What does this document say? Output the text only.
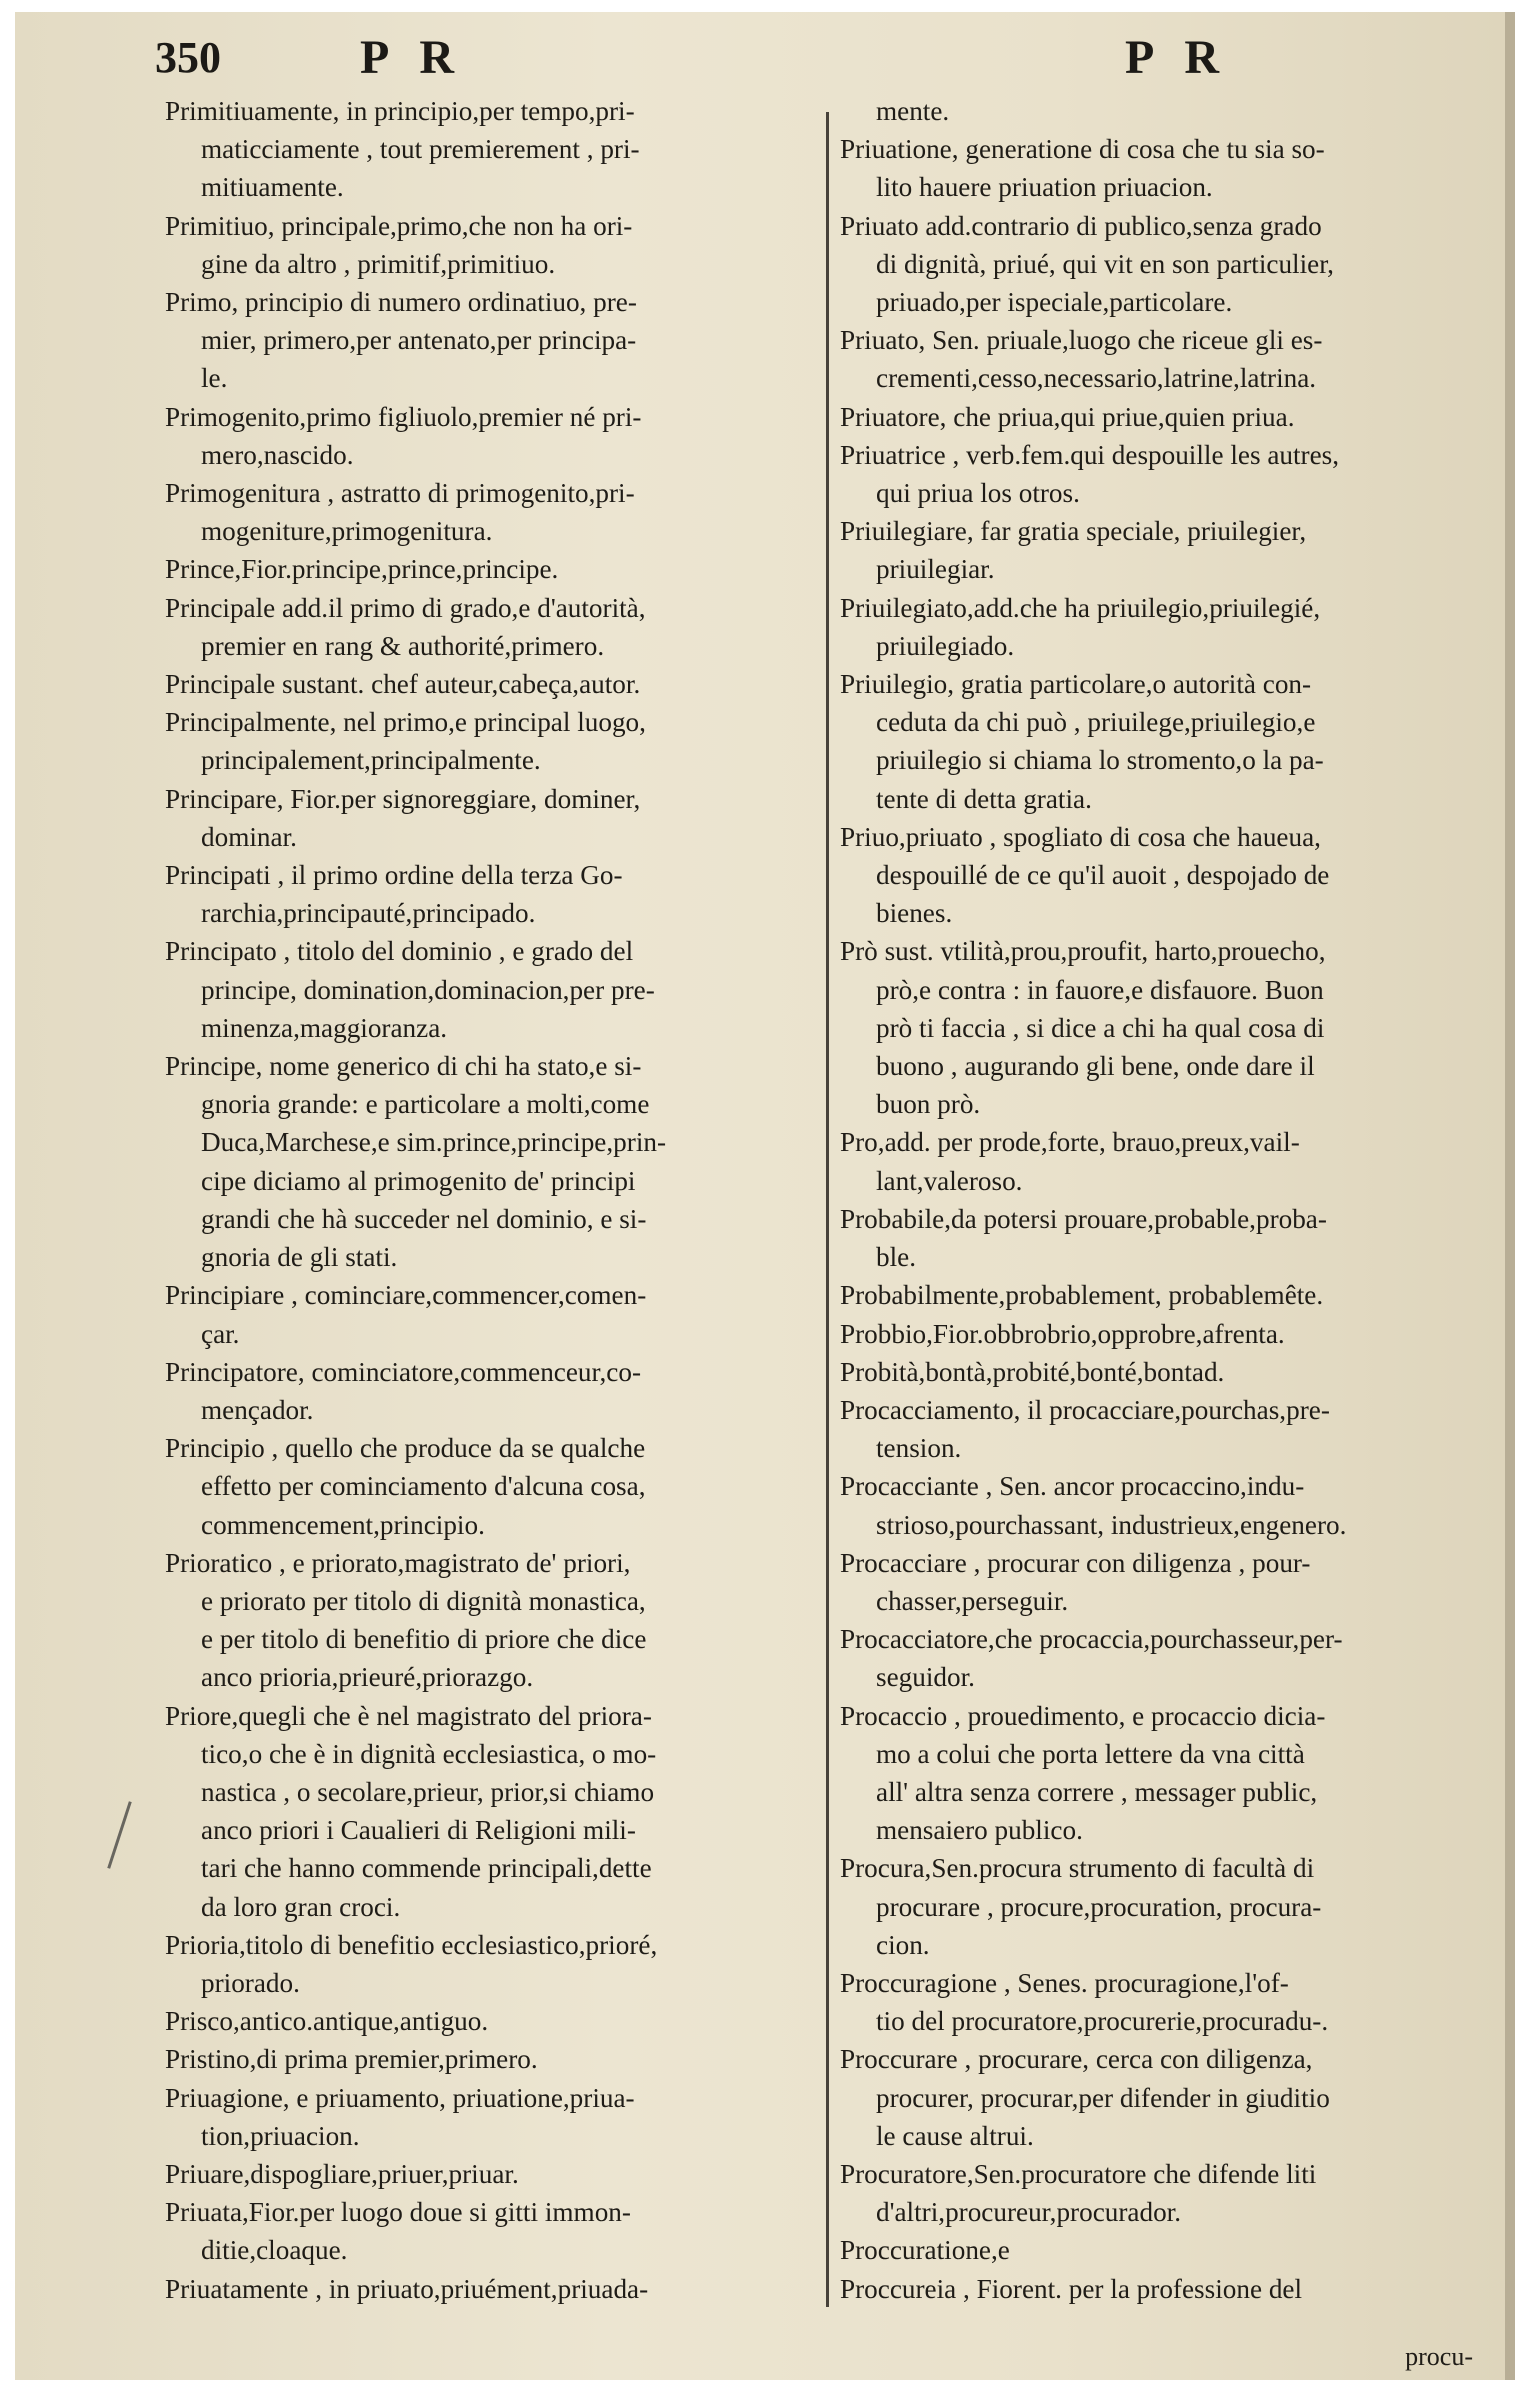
350	PR	PR

Primitiuamente, in principio,per tempo,pri-
maticciamente , tout premierement , pri-
mitiuamente.

Primitiuo, principale,primo,che non ha ori-
gine da altro , primitif,primitiuo.

Primo, principio di numero ordinatiuo, pre-
mier, primero,per antenato,per principa-
le.

Primogenito,primo figliuolo,premier né pri-
mero,nascido.

Primogenitura , astratto di primogenito,pri-
mogeniture,primogenitura.

Prince,Fior.principe,prince,principe.

Principale add.il primo di grado,e d'autorità,
premier en rang & authorité,primero.

Principale sustant. chef auteur,cabeça,autor.

Principalmente, nel primo,e principal luogo,
principalement,principalmente.

Principare, Fior.per signoreggiare, dominer,
dominar.

Principati , il primo ordine della terza Go-
rarchia,principauté,principado.

Principato , titolo del dominio , e grado del
principe, domination,dominacion,per pre-
minenza,maggioranza.

Principe, nome generico di chi ha stato,e si-
gnoria grande: e particolare a molti,come
Duca,Marchese,e sim.prince,principe,prin-
cipe diciamo al primogenito de' principi
grandi che hà succeder nel dominio, e si-
gnoria de gli stati.

Principiare , cominciare,commencer,comen-
çar.

Principatore, cominciatore,commenceur,co-
mençador.

Principio , quello che produce da se qualche
effetto per cominciamento d'alcuna cosa,
commencement,principio.

Prioratico , e priorato,magistrato de' priori,
e priorato per titolo di dignità monastica,
e per titolo di benefitio di priore che dice
anco prioria,prieuré,priorazgo.

Priore,quegli che è nel magistrato del priora-
tico,o che è in dignità ecclesiastica, o mo-
nastica , o secolare,prieur, prior,si chiamo
anco priori i Caualieri di Religioni mili-
tari che hanno commende principali,dette
da loro gran croci.

Prioria,titolo di benefitio ecclesiastico,prioré,
priorado.

Prisco,antico.antique,antiguo.

Pristino,di prima premier,primero.

Priuagione, e priuamento, priuatione,priua-
tion,priuacion.

Priuare,dispogliare,priuer,priuar.

Priuata,Fior.per luogo doue si gitti immon-
ditie,cloaque.

Priuatamente , in priuato,priuément,priuada-

mente.

Priuatione, generatione di cosa che tu sia so-
lito hauere priuation priuacion.

Priuato add.contrario di publico,senza grado
di dignità, priué, qui vit en son particulier,
priuado,per ispeciale,particolare.

Priuato, Sen. priuale,luogo che riceue gli es-
crementi,cesso,necessario,latrine,latrina.

Priuatore, che priua,qui priue,quien priua.

Priuatrice , verb.fem.qui despouille les autres,
qui priua los otros.

Priuilegiare, far gratia speciale, priuilegier,
priuilegiar.

Priuilegiato,add.che ha priuilegio,priuilegié,
priuilegiado.

Priuilegio, gratia particolare,o autorità con-
ceduta da chi può , priuilege,priuilegio,e
priuilegio si chiama lo stromento,o la pa-
tente di detta gratia.

Priuo,priuato , spogliato di cosa che haueua,
despouillé de ce qu'il auoit , despojado de
bienes.

Prò sust. vtilità,prou,proufit, harto,prouecho,
prò,e contra : in fauore,e disfauore. Buon
prò ti faccia , si dice a chi ha qual cosa di
buono , augurando gli bene, onde dare il
buon prò.

Pro,add. per prode,forte, brauo,preux,vail-
lant,valeroso.

Probabile,da potersi prouare,probable,proba-
ble.

Probabilmente,probablement, probablemête.

Probbio,Fior.obbrobrio,opprobre,afrenta.

Probità,bontà,probité,bonté,bontad.

Procacciamento, il procacciare,pourchas,pre-
tension.

Procacciante , Sen. ancor procaccino,indu-
strioso,pourchassant, industrieux,engenero.

Procacciare , procurar con diligenza , pour-
chasser,perseguir.

Procacciatore,che procaccia,pourchasseur,per-
seguidor.

Procaccio , prouedimento, e procaccio dicia-
mo a colui che porta lettere da vna città
all' altra senza correre , messager public,
mensaiero publico.

Procura,Sen.procura strumento di facultà di
procurare , procure,procuration, procura-
cion.

Proccuragione , Senes. procuragione,l'of-
tio del procuratore,procurerie,procuradu-.

Proccurare , procurare, cerca con diligenza,
procurer, procurar,per difender in giuditio
le cause altrui.

Procuratore,Sen.procuratore che difende liti
d'altri,procureur,procurador.

Proccuratione,e

Proccureia , Fiorent. per la professione del

procu-
